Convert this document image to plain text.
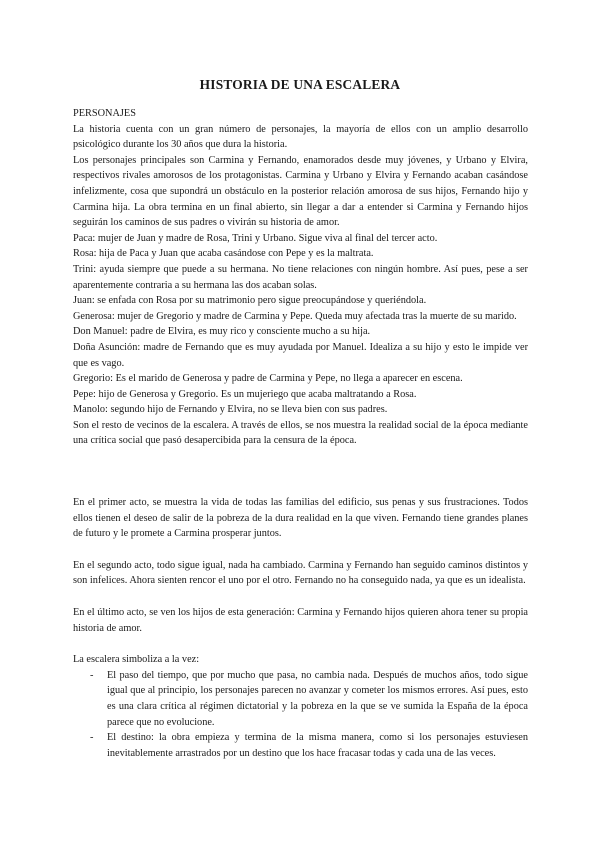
HISTORIA DE UNA ESCALERA

PERSONAJES

La historia cuenta con un gran número de personajes, la mayoría de ellos con un amplio desarrollo psicológico durante los 30 años que dura la historia.

Los personajes principales son Carmina y Fernando, enamorados desde muy jóvenes, y Urbano y Elvira, respectivos rivales amorosos de los protagonistas. Carmina y Urbano y Elvira y Fernando acaban casándose infelizmente, cosa que supondrá un obstáculo en la posterior relación amorosa de sus hijos, Fernando hijo y Carmina hija. La obra termina en un final abierto, sin llegar a dar a entender si Carmina y Fernando hijos seguirán los caminos de sus padres o vivirán su historia de amor.

Paca: mujer de Juan y madre de Rosa, Trini y Urbano. Sigue viva al final del tercer acto.

Rosa: hija de Paca y Juan que acaba casándose con Pepe y es la maltrata.

Trini: ayuda siempre que puede a su hermana. No tiene relaciones con ningún hombre. Así pues, pese a ser aparentemente contraria a su hermana las dos acaban solas.

Juan: se enfada con Rosa por su matrimonio pero sigue preocupándose y queriéndola.

Generosa: mujer de Gregorio y madre de Carmina y Pepe. Queda muy afectada tras la muerte de su marido.

Don Manuel: padre de Elvira, es muy rico y consciente mucho a su hija.

Doña Asunción: madre de Fernando que es muy ayudada por Manuel. Idealiza a su hijo y esto le impide ver que es vago.

Gregorio: Es el marido de Generosa y padre de Carmina y Pepe, no llega a aparecer en escena.

Pepe: hijo de Generosa y Gregorio. Es un mujeriego que acaba maltratando a Rosa.

Manolo: segundo hijo de Fernando y Elvira, no se lleva bien con sus padres.

Son el resto de vecinos de la escalera. A través de ellos, se nos muestra la realidad social de la época mediante una crítica social que pasó desapercibida para la censura de la época.

En el primer acto, se muestra la vida de todas las familias del edificio, sus penas y sus frustraciones. Todos ellos tienen el deseo de salir de la pobreza de la dura realidad en la que viven. Fernando tiene grandes planes de futuro y le promete a Carmina prosperar juntos.

En el segundo acto, todo sigue igual, nada ha cambiado. Carmina y Fernando han seguido caminos distintos y son infelices. Ahora sienten rencor el uno por el otro. Fernando no ha conseguido nada, ya que es un idealista.

En el último acto, se ven los hijos de esta generación: Carmina y Fernando hijos quieren ahora tener su propia historia de amor.

La escalera simboliza a la vez:

- El paso del tiempo, que por mucho que pasa, no cambia nada. Después de muchos años, todo sigue igual que al principio, los personajes parecen no avanzar y cometer los mismos errores. Así pues, esto es una clara crítica al régimen dictatorial y la pobreza en la que se ve sumida la España de la época parece que no evolucione.
- El destino: la obra empieza y termina de la misma manera, como si los personajes estuviesen inevitablemente arrastrados por un destino que los hace fracasar todas y cada una de las veces.
